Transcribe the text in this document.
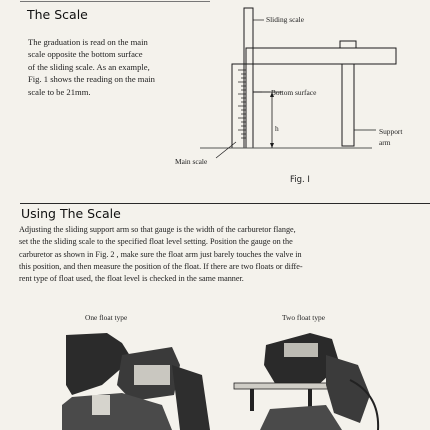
The Scale
The graduation is read on the main
scale opposite the bottom surface
of the sliding scale. As an example,
Fig. 1 shows the reading on the main
scale to be 21mm.
Sliding scale
Bottom surface
h	Support
arm
Main scale
Fig. I
Using The Scale
Adjusting the sliding support arm so that gauge is the width of the carburetor flange,
set the the sliding scale to the specified float level setting. Position the gauge on the
carburetor as shown in Fig. 2 , make sure the float arm just barely touches the valve in
this position, and then measure the position of the float. If there are two floats or diffe-
rent type of float used, the float level is checked in the same manner.
One float type	Two float type
